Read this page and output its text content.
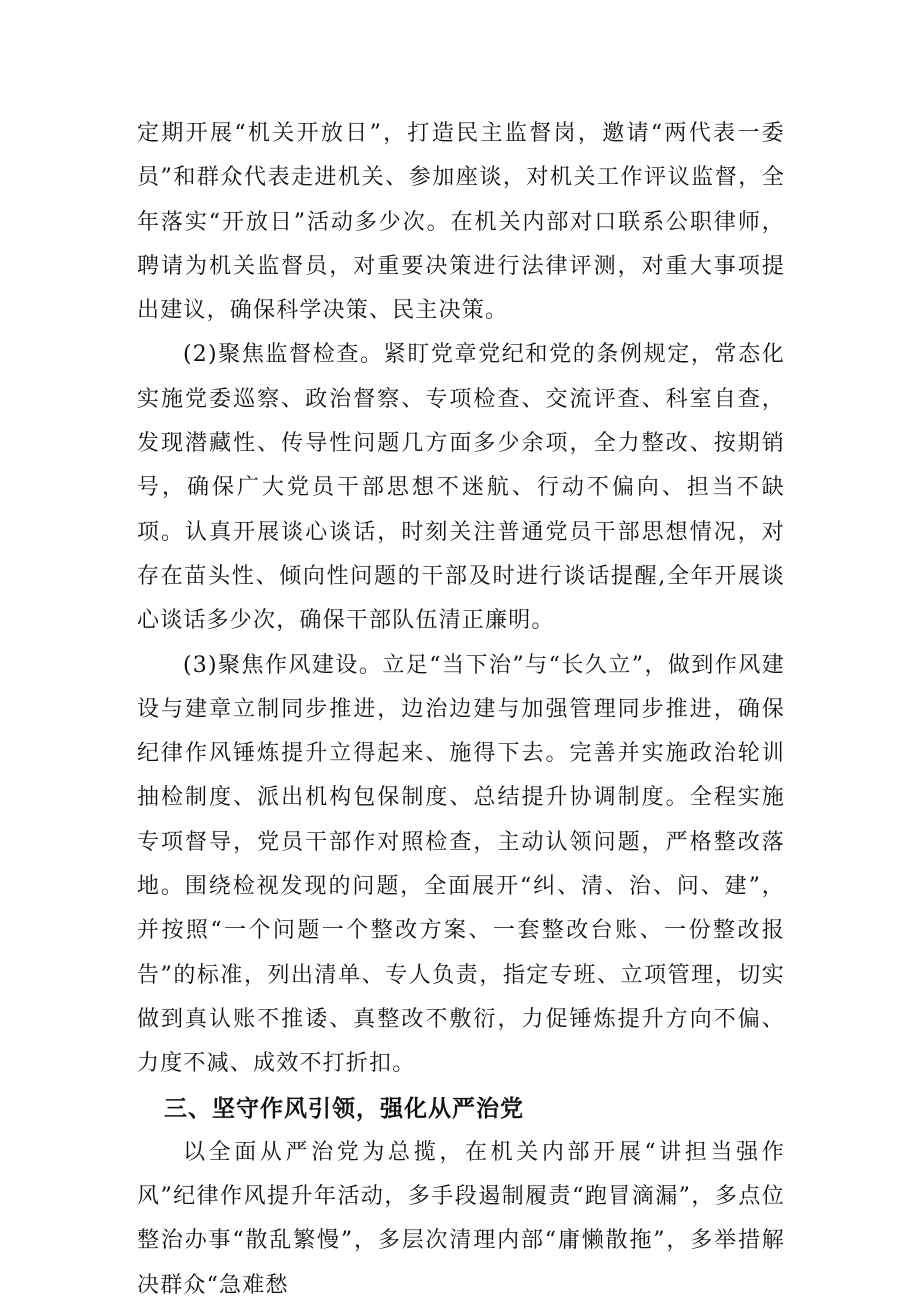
定期开展“机关开放日”，打造民主监督岗，邀请“两代表一委员”和群众代表走进机关、参加座谈，对机关工作评议监督，全年落实“开放日”活动多少次。在机关内部对口联系公职律师，聘请为机关监督员，对重要决策进行法律评测，对重大事项提出建议，确保科学决策、民主决策。

(2)聚焦监督检查。紧盯党章党纪和党的条例规定，常态化实施党委巡察、政治督察、专项检查、交流评查、科室自查，发现潜藏性、传导性问题几方面多少余项，全力整改、按期销号，确保广大党员干部思想不迷航、行动不偏向、担当不缺项。认真开展谈心谈话，时刻关注普通党员干部思想情况，对存在苗头性、倾向性问题的干部及时进行谈话提醒,全年开展谈心谈话多少次，确保干部队伍清正廉明。

(3)聚焦作风建设。立足“当下治”与“长久立”，做到作风建设与建章立制同步推进，边治边建与加强管理同步推进，确保纪律作风锤炼提升立得起来、施得下去。完善并实施政治轮训抽检制度、派出机构包保制度、总结提升协调制度。全程实施专项督导，党员干部作对照检查，主动认领问题，严格整改落地。围绕检视发现的问题，全面展开“纠、清、治、问、建”，并按照“一个问题一个整改方案、一套整改台账、一份整改报告”的标准，列出清单、专人负责，指定专班、立项管理，切实做到真认账不推诿、真整改不敷衍，力促锤炼提升方向不偏、力度不减、成效不打折扣。

三、坚守作风引领，强化从严治党

以全面从严治党为总揽，在机关内部开展“讲担当强作风”纪律作风提升年活动，多手段遏制履责“跑冒滴漏”，多点位整治办事“散乱繁慢”，多层次清理内部“庸懒散拖”，多举措解决群众“急难愁
